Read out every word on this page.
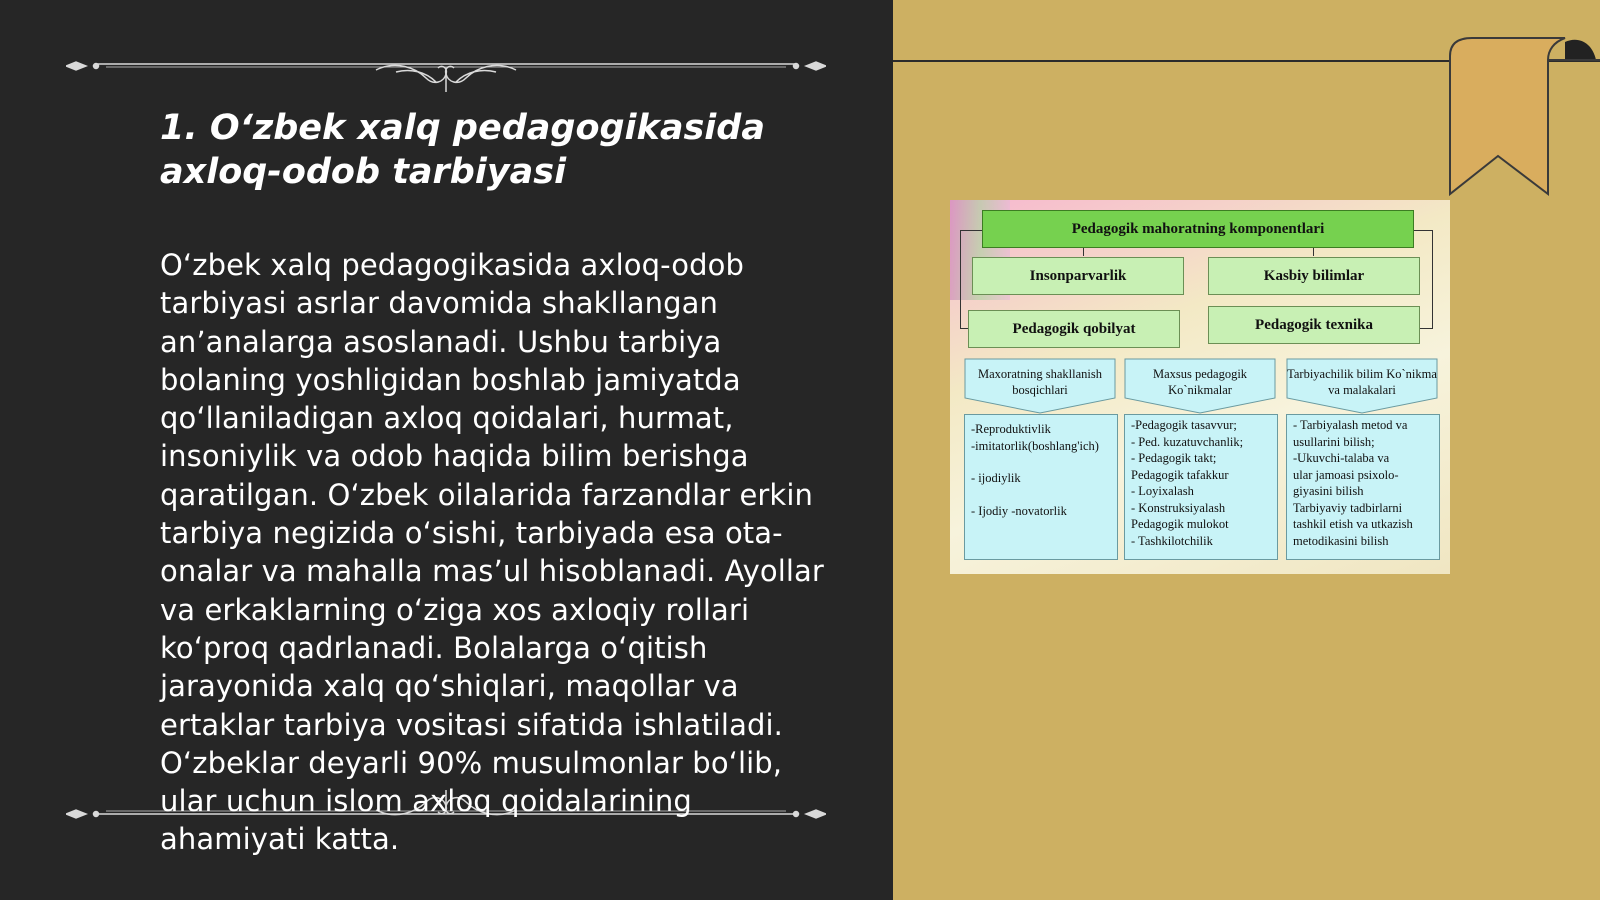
1. O‘zbek xalq pedagogikasida axloq-odob tarbiyasi

O‘zbek xalq pedagogikasida axloq-odob tarbiyasi asrlar davomida shakllangan an’analarga asoslanadi. Ushbu tarbiya bolaning yoshligidan boshlab jamiyatda qo‘llaniladigan axloq qoidalari, hurmat, insoniylik va odob haqida bilim berishga qaratilgan. O‘zbek oilalarida farzandlar erkin tarbiya negizida o‘sishi, tarbiyada esa ota-onalar va mahalla mas’ul hisoblanadi. Ayollar va erkaklarning o‘ziga xos axloqiy rollari ko‘proq qadrlanadi. Bolalarga o‘qitish jarayonida xalq qo‘shiqlari, maqollar va ertaklar tarbiya vositasi sifatida ishlatiladi. O‘zbeklar deyarli 90% musulmonlar bo‘lib, ular uchun islom axloq qoidalarining ahamiyati katta.

Pedagogik mahoratning komponentlari
Insonparvarlik	Kasbiy bilimlar
Pedagogik qobilyat	Pedagogik texnika
Maxoratning shakllanish bosqichlari
Maxsus pedagogik Ko`nikmalar
Tarbiyachilik bilim Ko`nikma va malakalari
-Reproduktivlik
-imitatorlik(boshlang'ich)
- ijodiylik
- Ijodiy -novatorlik
-Pedagogik tasavvur;
- Ped. kuzatuvchanlik;
- Pedagogik takt;
Pedagogik tafakkur
- Loyixalash
- Konstruksiyalash
Pedagogik mulokot
- Tashkilotchilik
- Tarbiyalash metod va
usullarini bilish;
-Ukuvchi-talaba va
ular jamoasi psixolo-
giyasini bilish
Tarbiyaviy tadbirlarni
tashkil etish va utkazish
metodikasini bilish
